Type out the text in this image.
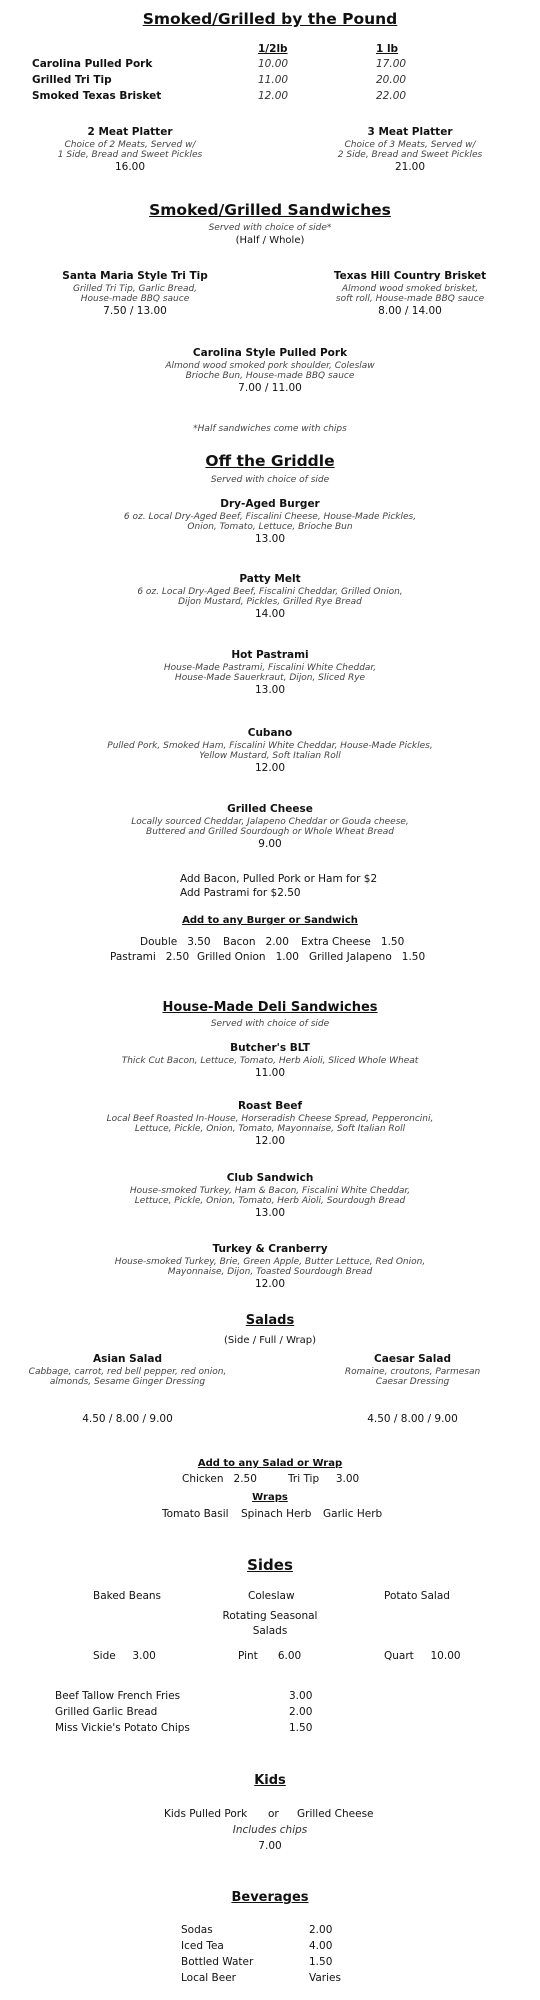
Smoked/Grilled by the Pound
1/2lb	1 lb
Carolina Pulled Pork	10.00	17.00
Grilled Tri Tip	11.00	20.00
Smoked Texas Brisket	12.00	22.00
2 Meat Platter
Choice of 2 Meats, Served w/
1 Side, Bread and Sweet Pickles
16.00
3 Meat Platter
Choice of 3 Meats, Served w/
2 Side, Bread and Sweet Pickles
21.00
Smoked/Grilled Sandwiches
Served with choice of side*
(Half / Whole)
Santa Maria Style Tri Tip
Grilled Tri Tip, Garlic Bread,
House-made BBQ sauce
7.50 / 13.00
Texas Hill Country Brisket
Almond wood smoked brisket,
soft roll, House-made BBQ sauce
8.00 / 14.00
Carolina Style Pulled Pork
Almond wood smoked pork shoulder, Coleslaw
Brioche Bun, House-made BBQ sauce
7.00 / 11.00
*Half sandwiches come with chips
Off the Griddle
Served with choice of side
Dry-Aged Burger
6 oz. Local Dry-Aged Beef, Fiscalini Cheese, House-Made Pickles,
Onion, Tomato, Lettuce, Brioche Bun
13.00
Patty Melt
6 oz. Local Dry-Aged Beef, Fiscalini Cheddar, Grilled Onion,
Dijon Mustard, Pickles, Grilled Rye Bread
14.00
Hot Pastrami
House-Made Pastrami, Fiscalini White Cheddar,
House-Made Sauerkraut, Dijon, Sliced Rye
13.00
Cubano
Pulled Pork, Smoked Ham, Fiscalini White Cheddar, House-Made Pickles,
Yellow Mustard, Soft Italian Roll
12.00
Grilled Cheese
Locally sourced Cheddar, Jalapeno Cheddar or Gouda cheese,
Buttered and Grilled Sourdough or Whole Wheat Bread
9.00
Add Bacon, Pulled Pork or Ham for $2
Add Pastrami for $2.50
Add to any Burger or Sandwich
Double 3.50 Bacon 2.00 Extra Cheese 1.50
Pastrami 2.50 Grilled Onion 1.00 Grilled Jalapeno 1.50
House-Made Deli Sandwiches
Served with choice of side
Butcher's BLT
Thick Cut Bacon, Lettuce, Tomato, Herb Aioli, Sliced Whole Wheat
11.00
Roast Beef
Local Beef Roasted In-House, Horseradish Cheese Spread, Pepperoncini,
Lettuce, Pickle, Onion, Tomato, Mayonnaise, Soft Italian Roll
12.00
Club Sandwich
House-smoked Turkey, Ham & Bacon, Fiscalini White Cheddar,
Lettuce, Pickle, Onion, Tomato, Herb Aioli, Sourdough Bread
13.00
Turkey & Cranberry
House-smoked Turkey, Brie, Green Apple, Butter Lettuce, Red Onion,
Mayonnaise, Dijon, Toasted Sourdough Bread
12.00
Salads
(Side / Full / Wrap)
Asian Salad
Cabbage, carrot, red bell pepper, red onion,
almonds, Sesame Ginger Dressing
4.50 / 8.00 / 9.00
Caesar Salad
Romaine, croutons, Parmesan
Caesar Dressing
4.50 / 8.00 / 9.00
Add to any Salad or Wrap
Chicken 2.50	Tri Tip 3.00
Wraps
Tomato Basil Spinach Herb Garlic Herb
Sides
Baked Beans	Coleslaw	Potato Salad
Rotating Seasonal
Salads
Side 3.00	Pint 6.00	Quart 10.00
Beef Tallow French Fries	3.00
Grilled Garlic Bread	2.00
Miss Vickie's Potato Chips	1.50
Kids
Kids Pulled Pork or Grilled Cheese
Includes chips
7.00
Beverages
Sodas	2.00
Iced Tea	4.00
Bottled Water	1.50
Local Beer	Varies
